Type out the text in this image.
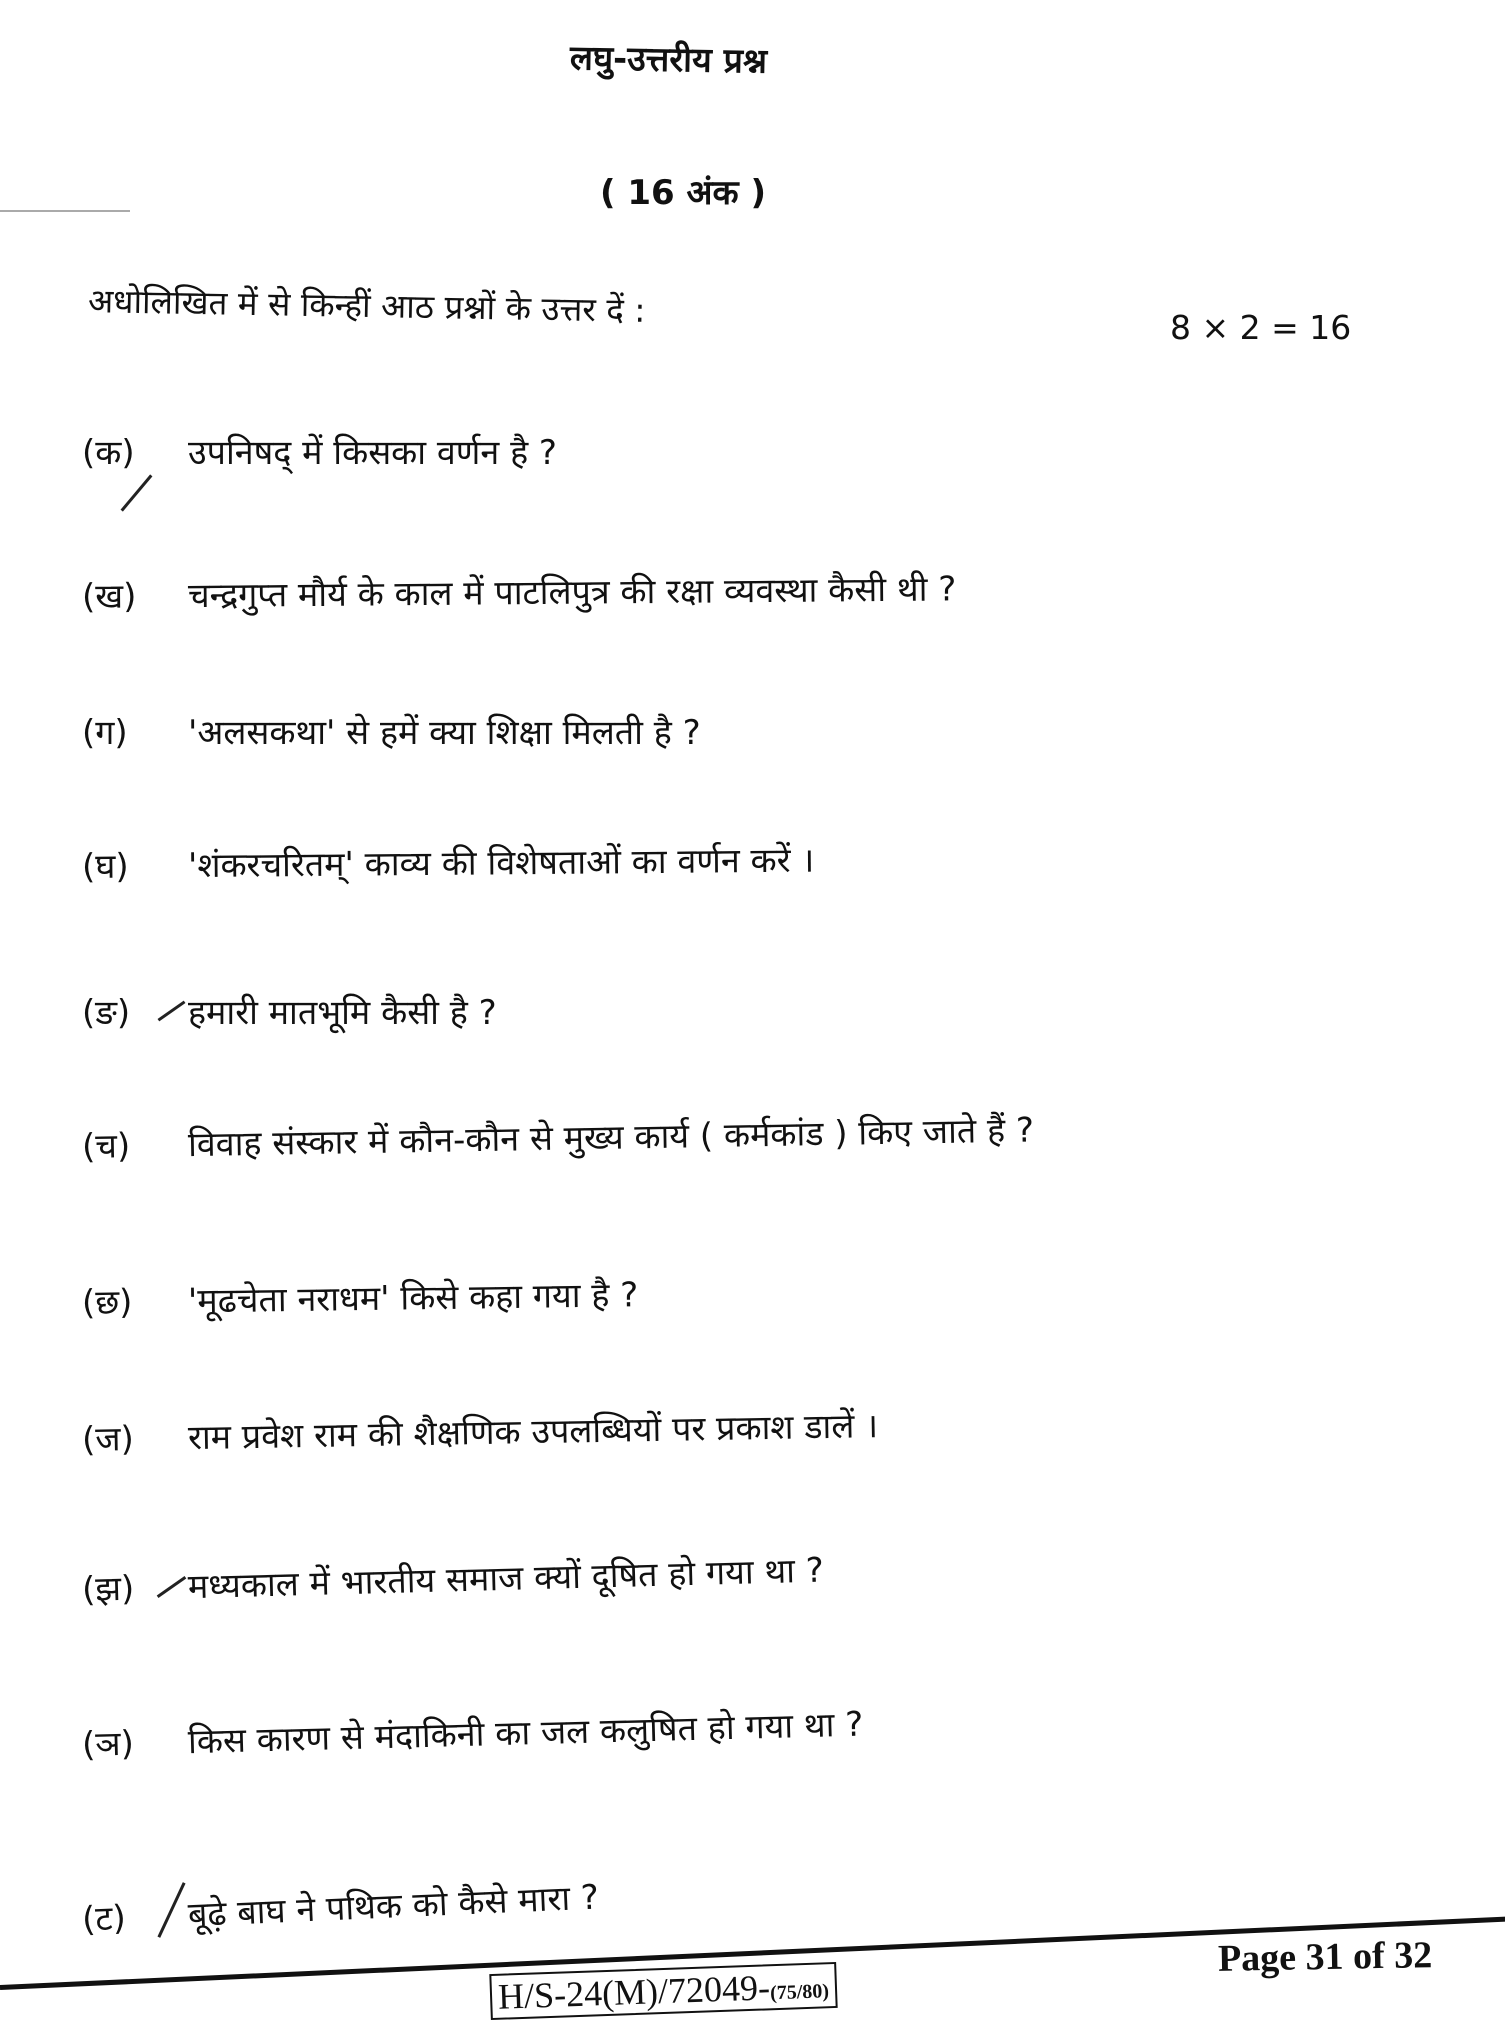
लघु-उत्तरीय प्रश्न
( 16 अंक )
अधोलिखित में से किन्हीं आठ प्रश्नों के उत्तर दें :	8 × 2 = 16
(क)	उपनिषद् में किसका वर्णन है ?
(ख)	चन्द्रगुप्त मौर्य के काल में पाटलिपुत्र की रक्षा व्यवस्था कैसी थी ?
(ग)	'अलसकथा' से हमें क्या शिक्षा मिलती है ?
(घ)	'शंकरचरितम्' काव्य की विशेषताओं का वर्णन करें ।
(ङ)	हमारी मातभूमि कैसी है ?
(च)	विवाह संस्कार में कौन-कौन से मुख्य कार्य ( कर्मकांड ) किए जाते हैं ?
(छ)	'मूढचेता नराधम' किसे कहा गया है ?
(ज)	राम प्रवेश राम की शैक्षणिक उपलब्धियों पर प्रकाश डालें ।
(झ)	मध्यकाल में भारतीय समाज क्यों दूषित हो गया था ?
(ञ)	किस कारण से मंदाकिनी का जल कलुषित हो गया था ?
(ट)	बूढ़े बाघ ने पथिक को कैसे मारा ?
H/S-24(M)/72049-(75/80)
Page 31 of 32
